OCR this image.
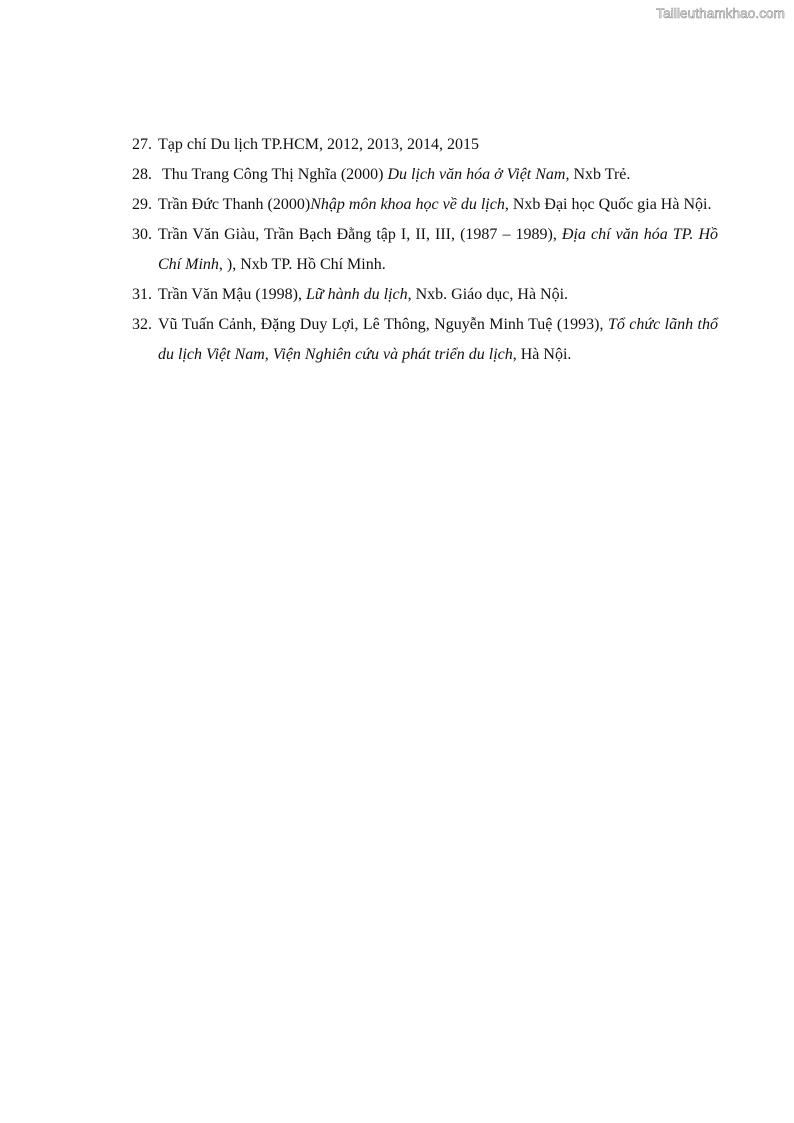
Tailieuthamkhao.com
27. Tạp chí Du lịch TP.HCM, 2012, 2013, 2014, 2015
28. Thu Trang Công Thị Nghĩa (2000) Du lịch văn hóa ở Việt Nam, Nxb Trẻ.
29. Trần Đức Thanh (2000)Nhập môn khoa học về du lịch, Nxb Đại học Quốc gia Hà Nội.
30. Trần Văn Giàu, Trần Bạch Đằng tập I, II, III, (1987 – 1989), Địa chí văn hóa TP. Hồ Chí Minh, ), Nxb TP. Hồ Chí Minh.
31. Trần Văn Mậu (1998), Lữ hành du lịch, Nxb. Giáo dục, Hà Nội.
32. Vũ Tuấn Cảnh, Đặng Duy Lợi, Lê Thông, Nguyễn Minh Tuệ (1993), Tổ chức lãnh thổ du lịch Việt Nam, Viện Nghiên cứu và phát triển du lịch, Hà Nội.
